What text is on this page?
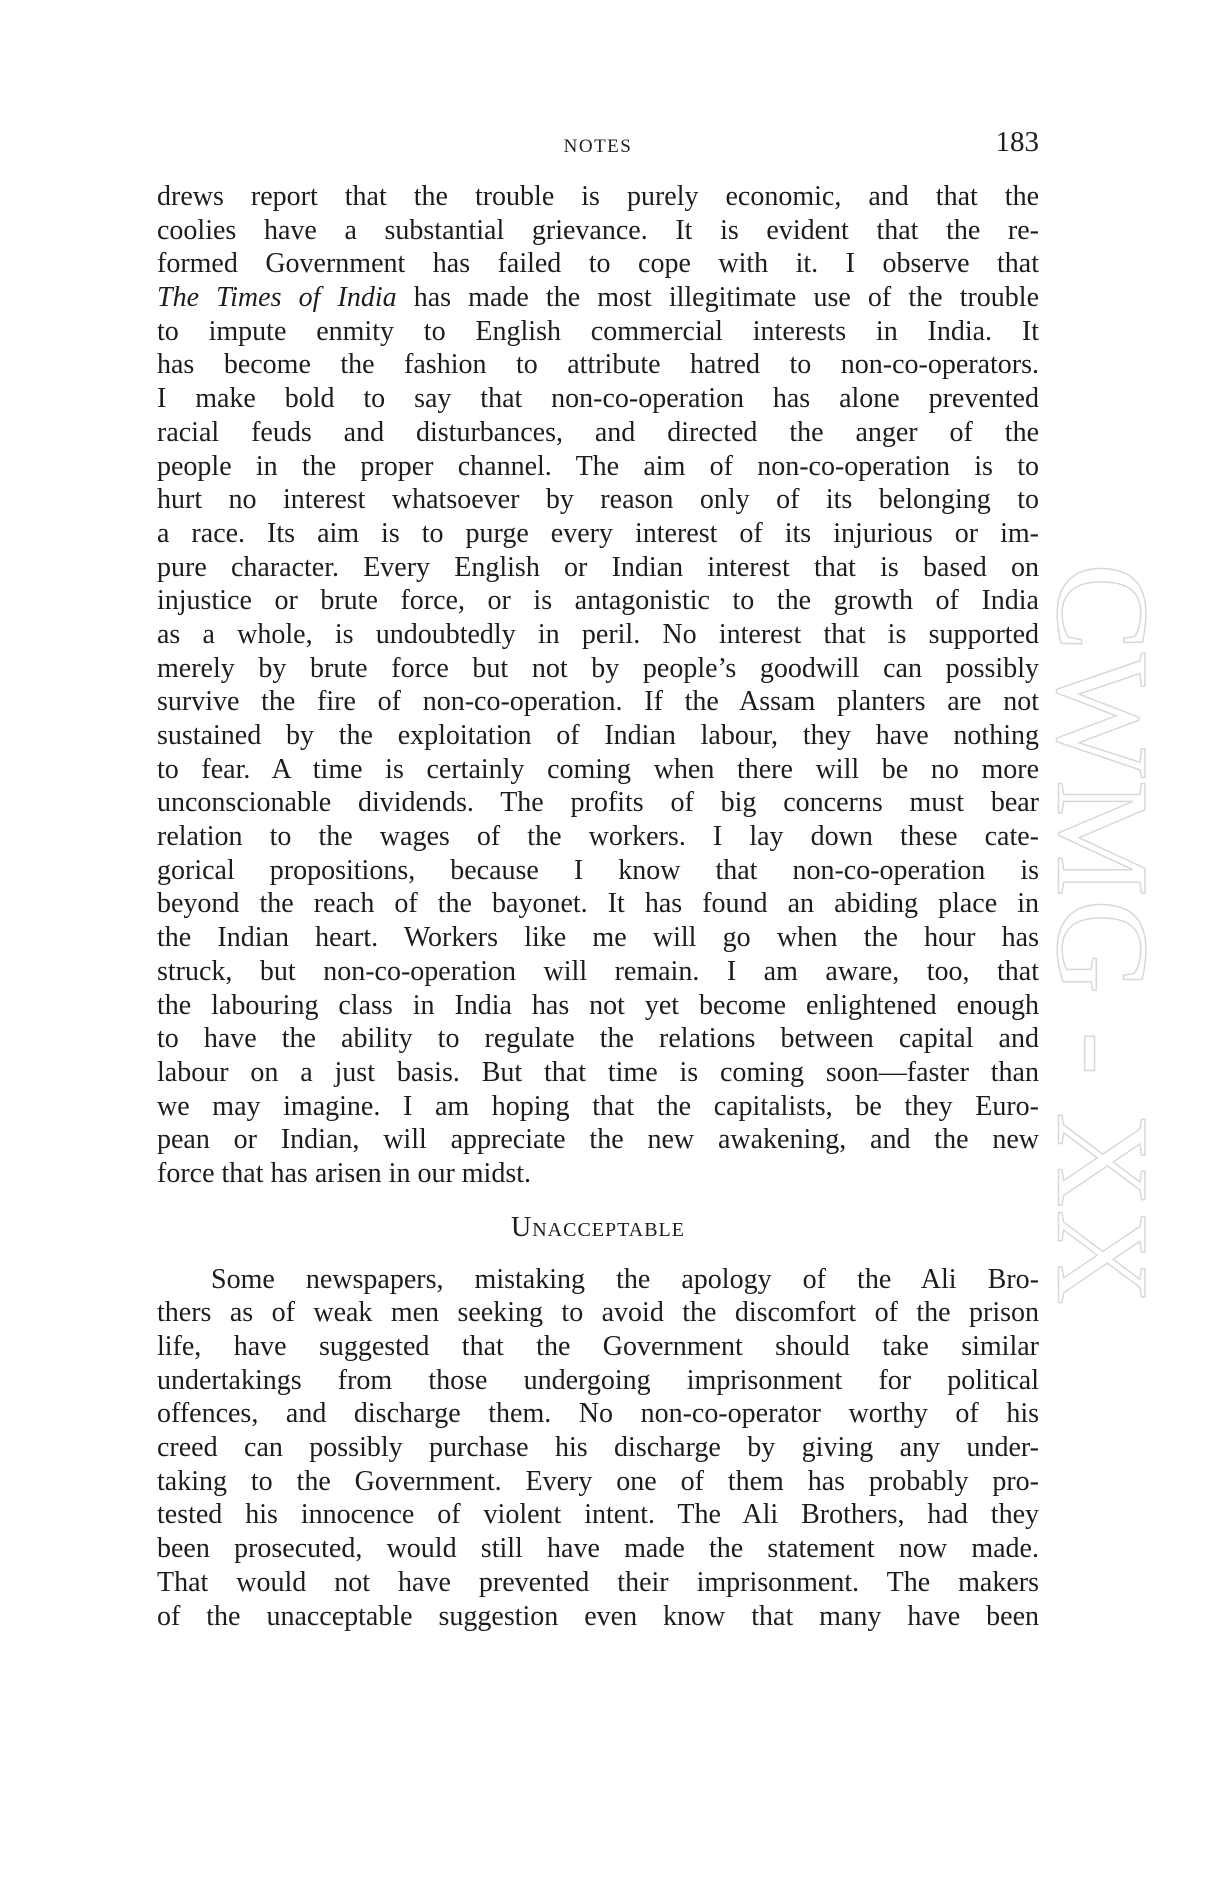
CWMG - XX
NOTES	183
drews report that the trouble is purely economic, and that the
coolies have a substantial grievance. It is evident that the re-
formed Government has failed to cope with it. I observe that
The Times of India has made the most illegitimate use of the trouble
to impute enmity to English commercial interests in India. It
has become the fashion to attribute hatred to non-co-operators.
I make bold to say that non-co-operation has alone prevented
racial feuds and disturbances, and directed the anger of the
people in the proper channel. The aim of non-co-operation is to
hurt no interest whatsoever by reason only of its belonging to
a race. Its aim is to purge every interest of its injurious or im-
pure character. Every English or Indian interest that is based on
injustice or brute force, or is antagonistic to the growth of India
as a whole, is undoubtedly in peril. No interest that is supported
merely by brute force but not by people’s goodwill can possibly
survive the fire of non-co-operation. If the Assam planters are not
sustained by the exploitation of Indian labour, they have nothing
to fear. A time is certainly coming when there will be no more
unconscionable dividends. The profits of big concerns must bear
relation to the wages of the workers. I lay down these cate-
gorical propositions, because I know that non-co-operation is
beyond the reach of the bayonet. It has found an abiding place in
the Indian heart. Workers like me will go when the hour has
struck, but non-co-operation will remain. I am aware, too, that
the labouring class in India has not yet become enlightened enough
to have the ability to regulate the relations between capital and
labour on a just basis. But that time is coming soon—faster than
we may imagine. I am hoping that the capitalists, be they Euro-
pean or Indian, will appreciate the new awakening, and the new
force that has arisen in our midst.
Unacceptable
Some newspapers, mistaking the apology of the Ali Bro-
thers as of weak men seeking to avoid the discomfort of the prison
life, have suggested that the Government should take similar
undertakings from those undergoing imprisonment for political
offences, and discharge them. No non-co-operator worthy of his
creed can possibly purchase his discharge by giving any under-
taking to the Government. Every one of them has probably pro-
tested his innocence of violent intent. The Ali Brothers, had they
been prosecuted, would still have made the statement now made.
That would not have prevented their imprisonment. The makers
of the unacceptable suggestion even know that many have been
